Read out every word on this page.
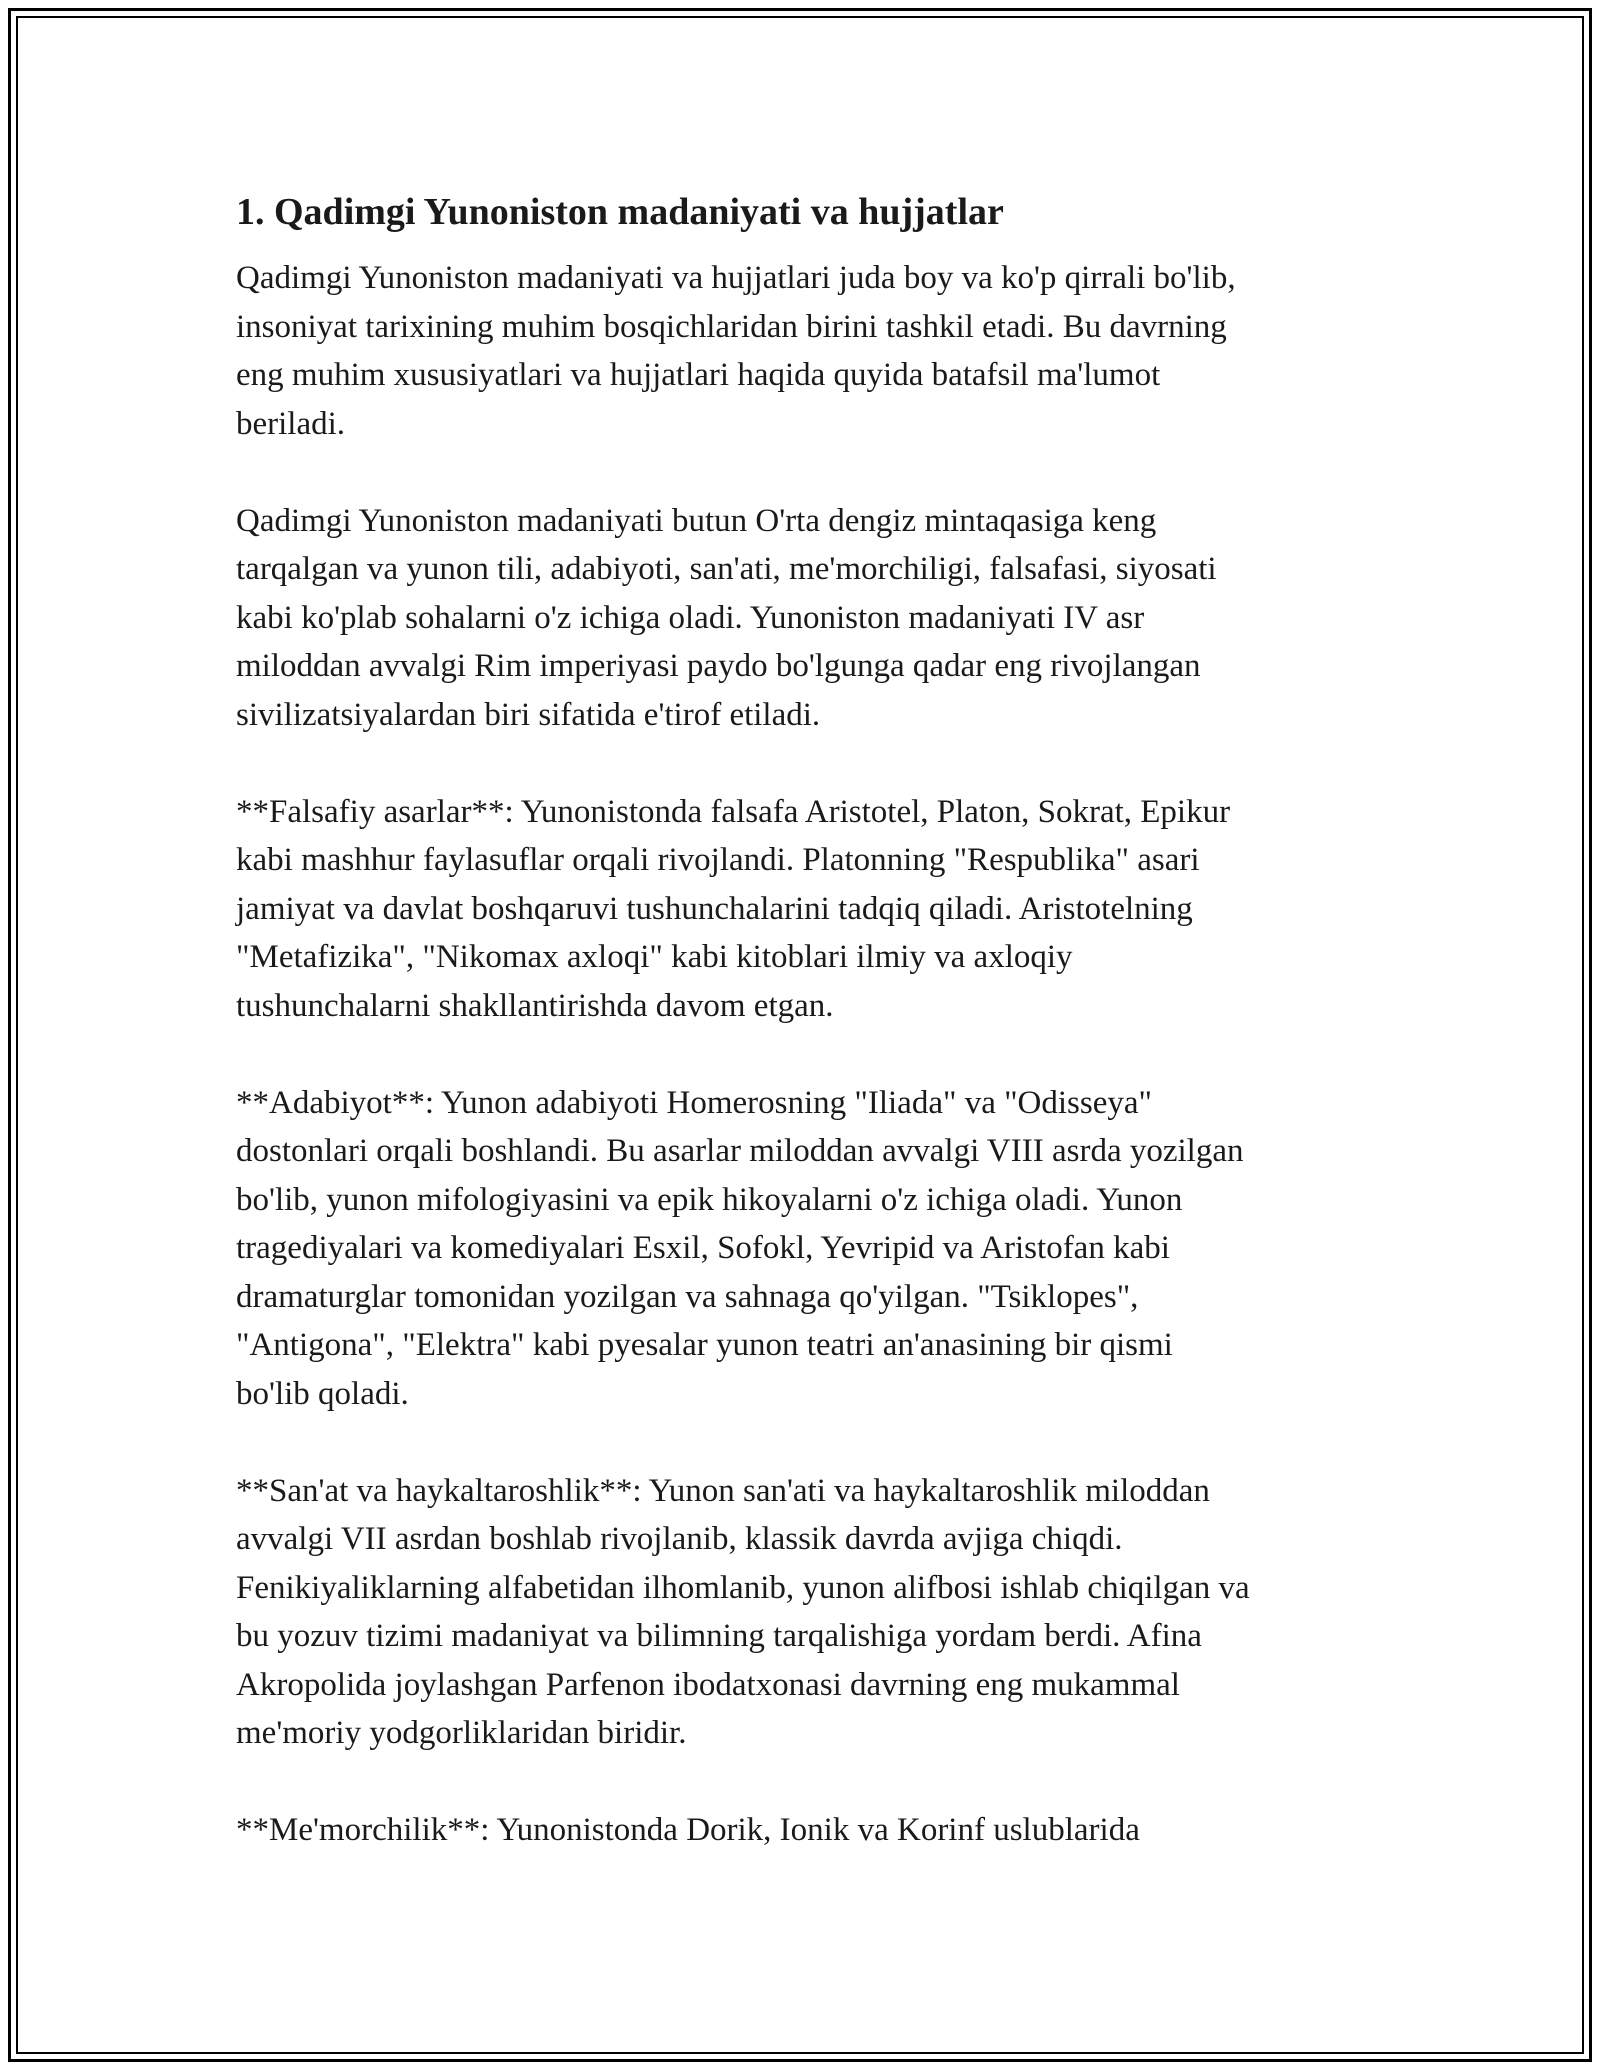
1. Qadimgi Yunoniston madaniyati va hujjatlar
Qadimgi Yunoniston madaniyati va hujjatlari juda boy va ko'p qirrali bo'lib,
insoniyat tarixining muhim bosqichlaridan birini tashkil etadi. Bu davrning
eng muhim xususiyatlari va hujjatlari haqida quyida batafsil ma'lumot
beriladi.
Qadimgi Yunoniston madaniyati butun O'rta dengiz mintaqasiga keng
tarqalgan va yunon tili, adabiyoti, san'ati, me'morchiligi, falsafasi, siyosati
kabi ko'plab sohalarni o'z ichiga oladi. Yunoniston madaniyati IV asr
miloddan avvalgi Rim imperiyasi paydo bo'lgunga qadar eng rivojlangan
sivilizatsiyalardan biri sifatida e'tirof etiladi.
**Falsafiy asarlar**: Yunonistonda falsafa Aristotel, Platon, Sokrat, Epikur
kabi mashhur faylasuflar orqali rivojlandi. Platonning "Respublika" asari
jamiyat va davlat boshqaruvi tushunchalarini tadqiq qiladi. Aristotelning
"Metafizika", "Nikomax axloqi" kabi kitoblari ilmiy va axloqiy
tushunchalarni shakllantirishda davom etgan.
**Adabiyot**: Yunon adabiyoti Homerosning "Iliada" va "Odisseya"
dostonlari orqali boshlandi. Bu asarlar miloddan avvalgi VIII asrda yozilgan
bo'lib, yunon mifologiyasini va epik hikoyalarni o'z ichiga oladi. Yunon
tragediyalari va komediyalari Esxil, Sofokl, Yevripid va Aristofan kabi
dramaturglar tomonidan yozilgan va sahnaga qo'yilgan. "Tsiklopes",
"Antigona", "Elektra" kabi pyesalar yunon teatri an'anasining bir qismi
bo'lib qoladi.
**San'at va haykaltaroshlik**: Yunon san'ati va haykaltaroshlik miloddan
avvalgi VII asrdan boshlab rivojlanib, klassik davrda avjiga chiqdi.
Fenikiyaliklarning alfabetidan ilhomlanib, yunon alifbosi ishlab chiqilgan va
bu yozuv tizimi madaniyat va bilimning tarqalishiga yordam berdi. Afina
Akropolida joylashgan Parfenon ibodatxonasi davrning eng mukammal
me'moriy yodgorliklaridan biridir.
**Me'morchilik**: Yunonistonda Dorik, Ionik va Korinf uslublarida
